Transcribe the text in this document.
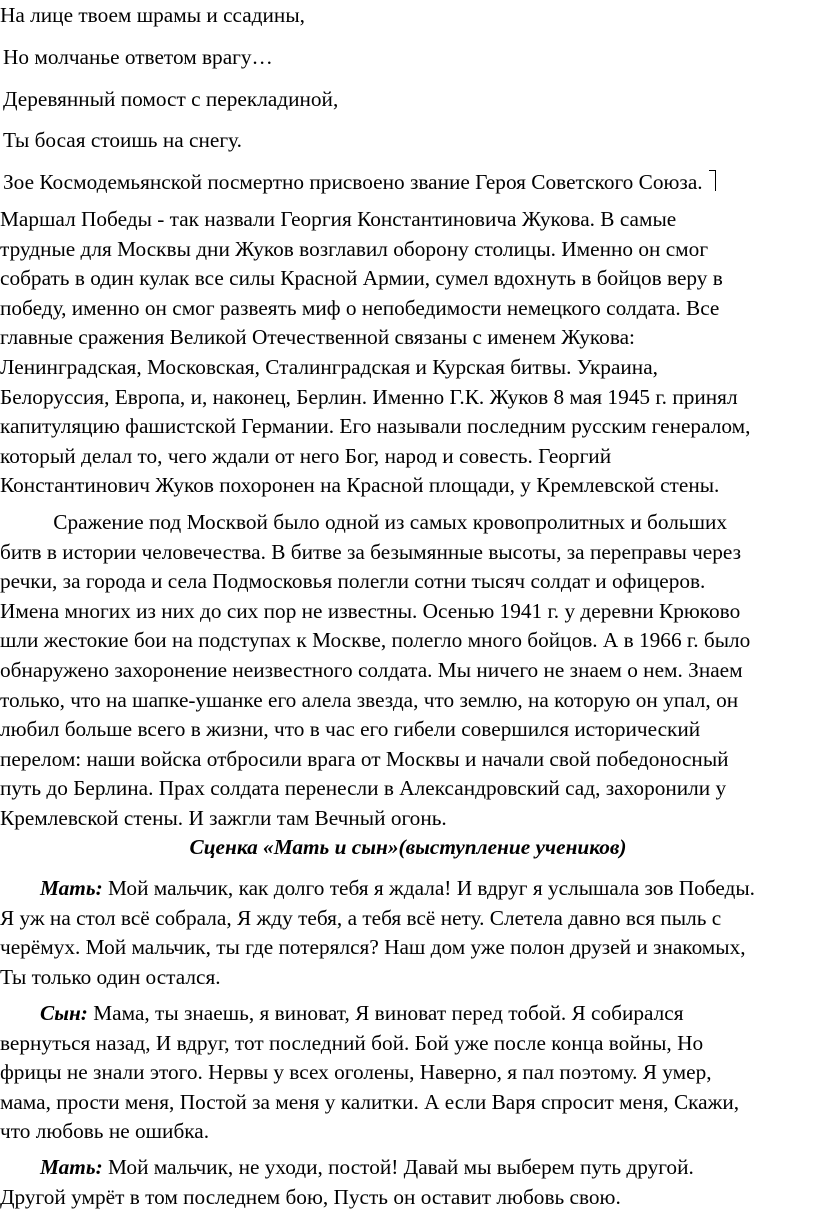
На лице твоем шрамы и ссадины,

Но молчанье ответом врагу…

Деревянный помост с перекладиной,

Ты босая стоишь на снегу.

Зое Космодемьянской посмертно присвоено звание Героя Советского Союза.

Маршал Победы - так назвали Георгия Константиновича Жукова. В самые
трудные для Москвы дни Жуков возглавил оборону столицы. Именно он смог
собрать в один кулак все силы Красной Армии, сумел вдохнуть в бойцов веру в
победу, именно он смог развеять миф о непобедимости немецкого солдата. Все
главные сражения Великой Отечественной связаны с именем Жукова:
Ленинградская, Московская, Сталинградская и Курская битвы. Украина,
Белоруссия, Европа, и, наконец, Берлин. Именно Г.К. Жуков 8 мая 1945 г. принял
капитуляцию фашистской Германии. Его называли последним русским генералом,
который делал то, чего ждали от него Бог, народ и совесть. Георгий
Константинович Жуков похоронен на Красной площади, у Кремлевской стены.
Сражение под Москвой было одной из самых кровопролитных и больших
битв в истории человечества. В битве за безымянные высоты, за переправы через
речки, за города и села Подмосковья полегли сотни тысяч солдат и офицеров.
Имена многих из них до сих пор не известны. Осенью 1941 г. у деревни Крюково
шли жестокие бои на подступах к Москве, полегло много бойцов. А в 1966 г. было
обнаружено захоронение неизвестного солдата. Мы ничего не знаем о нем. Знаем
только, что на шапке-ушанке его алела звезда, что землю, на которую он упал, он
любил больше всего в жизни, что в час его гибели совершился исторический
перелом: наши войска отбросили врага от Москвы и начали свой победоносный
путь до Берлина. Прах солдата перенесли в Александровский сад, захоронили у
Кремлевской стены. И зажгли там Вечный огонь.
Сценка «Мать и сын»(выступление учеников)
Мать: Мой мальчик, как долго тебя я ждала! И вдруг я услышала зов Победы.
Я уж на стол всё собрала, Я жду тебя, а тебя всё нету. Слетела давно вся пыль с
черёмух. Мой мальчик, ты где потерялся? Наш дом уже полон друзей и знакомых,
Ты только один остался.
Сын: Мама, ты знаешь, я виноват, Я виноват перед тобой. Я собирался
вернуться назад, И вдруг, тот последний бой. Бой уже после конца войны, Но
фрицы не знали этого. Нервы у всех оголены, Наверно, я пал поэтому. Я умер,
мама, прости меня, Постой за меня у калитки. А если Варя спросит меня, Скажи,
что любовь не ошибка.
Мать: Мой мальчик, не уходи, постой! Давай мы выберем путь другой.
Другой умрёт в том последнем бою, Пусть он оставит любовь свою.
